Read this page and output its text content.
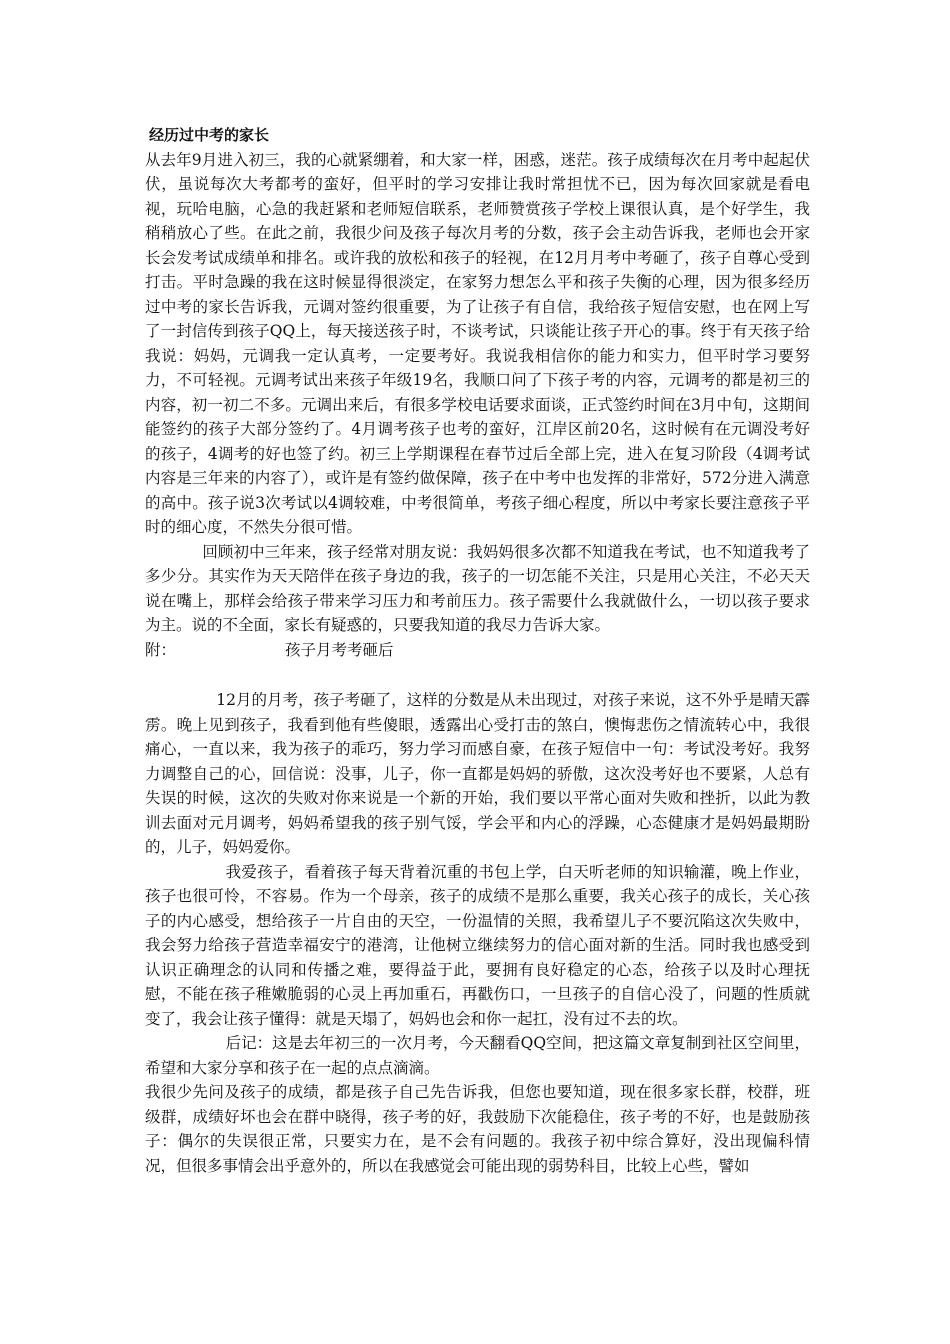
经历过中考的家长

从去年9月进入初三，我的心就紧绷着，和大家一样，困惑，迷茫。孩子成绩每次在月考中起起伏伏，虽说每次大考都考的蛮好，但平时的学习安排让我时常担忧不已，因为每次回家就是看电视，玩哈电脑，心急的我赶紧和老师短信联系，老师赞赏孩子学校上课很认真，是个好学生，我稍稍放心了些。在此之前，我很少问及孩子每次月考的分数，孩子会主动告诉我，老师也会开家长会发考试成绩单和排名。或许我的放松和孩子的轻视，在12月月考中考砸了，孩子自尊心受到打击。平时急躁的我在这时候显得很淡定，在家努力想怎么平和孩子失衡的心理，因为很多经历过中考的家长告诉我，元调对签约很重要，为了让孩子有自信，我给孩子短信安慰，也在网上写了一封信传到孩子QQ上，每天接送孩子时，不谈考试，只谈能让孩子开心的事。终于有天孩子给我说：妈妈，元调我一定认真考，一定要考好。我说我相信你的能力和实力，但平时学习要努力，不可轻视。元调考试出来孩子年级19名，我顺口问了下孩子考的内容，元调考的都是初三的内容，初一初二不多。元调出来后，有很多学校电话要求面谈，正式签约时间在3月中旬，这期间能签约的孩子大部分签约了。4月调考孩子也考的蛮好，江岸区前20名，这时候有在元调没考好的孩子，4调考的好也签了约。初三上学期课程在春节过后全部上完，进入在复习阶段（4调考试内容是三年来的内容了），或许是有签约做保障，孩子在中考中也发挥的非常好，572分进入满意的高中。孩子说3次考试以4调较难，中考很简单，考孩子细心程度，所以中考家长要注意孩子平时的细心度，不然失分很可惜。

回顾初中三年来，孩子经常对朋友说：我妈妈很多次都不知道我在考试，也不知道我考了多少分。其实作为天天陪伴在孩子身边的我，孩子的一切怎能不关注，只是用心关注，不必天天说在嘴上，那样会给孩子带来学习压力和考前压力。孩子需要什么我就做什么，一切以孩子要求为主。说的不全面，家长有疑惑的，只要我知道的我尽力告诉大家。

附：	孩子月考考砸后

12月的月考，孩子考砸了，这样的分数是从未出现过，对孩子来说，这不外乎是晴天霹雳。晚上见到孩子，我看到他有些傻眼，透露出心受打击的煞白，懊悔悲伤之情流转心中，我很痛心，一直以来，我为孩子的乖巧，努力学习而感自豪，在孩子短信中一句：考试没考好。我努力调整自己的心，回信说：没事，儿子，你一直都是妈妈的骄傲，这次没考好也不要紧，人总有失误的时候，这次的失败对你来说是一个新的开始，我们要以平常心面对失败和挫折，以此为教训去面对元月调考，妈妈希望我的孩子别气馁，学会平和内心的浮躁，心态健康才是妈妈最期盼的，儿子，妈妈爱你。

我爱孩子，看着孩子每天背着沉重的书包上学，白天听老师的知识输灌，晚上作业，孩子也很可怜，不容易。作为一个母亲，孩子的成绩不是那么重要，我关心孩子的成长，关心孩子的内心感受，想给孩子一片自由的天空，一份温情的关照，我希望儿子不要沉陷这次失败中，我会努力给孩子营造幸福安宁的港湾，让他树立继续努力的信心面对新的生活。同时我也感受到认识正确理念的认同和传播之难，要得益于此，要拥有良好稳定的心态，给孩子以及时心理抚慰，不能在孩子稚嫩脆弱的心灵上再加重石，再戳伤口，一旦孩子的自信心没了，问题的性质就变了，我会让孩子懂得：就是天塌了，妈妈也会和你一起扛，没有过不去的坎。

后记：这是去年初三的一次月考，今天翻看QQ空间，把这篇文章复制到社区空间里，希望和大家分享和孩子在一起的点点滴滴。

我很少先问及孩子的成绩，都是孩子自己先告诉我，但您也要知道，现在很多家长群，校群，班级群，成绩好坏也会在群中晓得，孩子考的好，我鼓励下次能稳住，孩子考的不好，也是鼓励孩子：偶尔的失误很正常，只要实力在，是不会有问题的。我孩子初中综合算好，没出现偏科情况，但很多事情会出乎意外的，所以在我感觉会可能出现的弱势科目，比较上心些，譬如
